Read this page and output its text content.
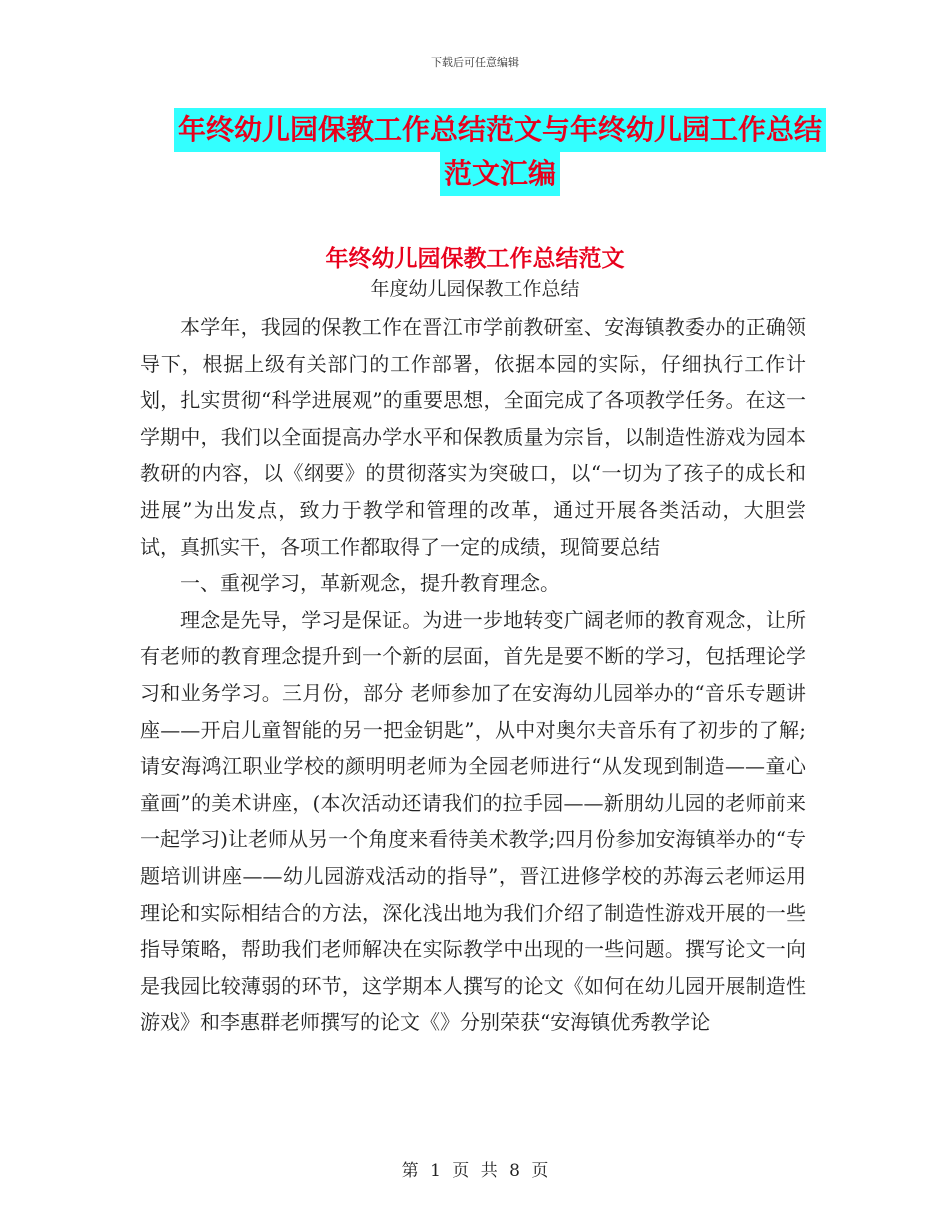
下载后可任意编辑
年终幼儿园保教工作总结范文与年终幼儿园工作总结
范文汇编
年终幼儿园保教工作总结范文
年度幼儿园保教工作总结

本学年，我园的保教工作在晋江市学前教研室、安海镇教委办的正确领导下，根据上级有关部门的工作部署，依据本园的实际，仔细执行工作计划，扎实贯彻“科学进展观”的重要思想，全面完成了各项教学任务。在这一学期中，我们以全面提高办学水平和保教质量为宗旨，以制造性游戏为园本教研的内容，以《纲要》的贯彻落实为突破口，以“一切为了孩子的成长和进展”为出发点，致力于教学和管理的改革，通过开展各类活动，大胆尝试，真抓实干，各项工作都取得了一定的成绩，现简要总结

一、重视学习，革新观念，提升教育理念。

理念是先导，学习是保证。为进一步地转变广阔老师的教育观念，让所有老师的教育理念提升到一个新的层面，首先是要不断的学习，包括理论学习和业务学习。三月份，部分 老师参加了在安海幼儿园举办的“音乐专题讲座——开启儿童智能的另一把金钥匙”，从中对奥尔夫音乐有了初步的了解;请安海鸿江职业学校的颜明明老师为全园老师进行“从发现到制造——童心童画”的美术讲座，(本次活动还请我们的拉手园——新朋幼儿园的老师前来一起学习)让老师从另一个角度来看待美术教学;四月份参加安海镇举办的“专题培训讲座——幼儿园游戏活动的指导”，晋江进修学校的苏海云老师运用理论和实际相结合的方法，深化浅出地为我们介绍了制造性游戏开展的一些指导策略，帮助我们老师解决在实际教学中出现的一些问题。撰写论文一向是我园比较薄弱的环节，这学期本人撰写的论文《如何在幼儿园开展制造性游戏》和李惠群老师撰写的论文《》分别荣获“安海镇优秀教学论

第 1 页 共 8 页
